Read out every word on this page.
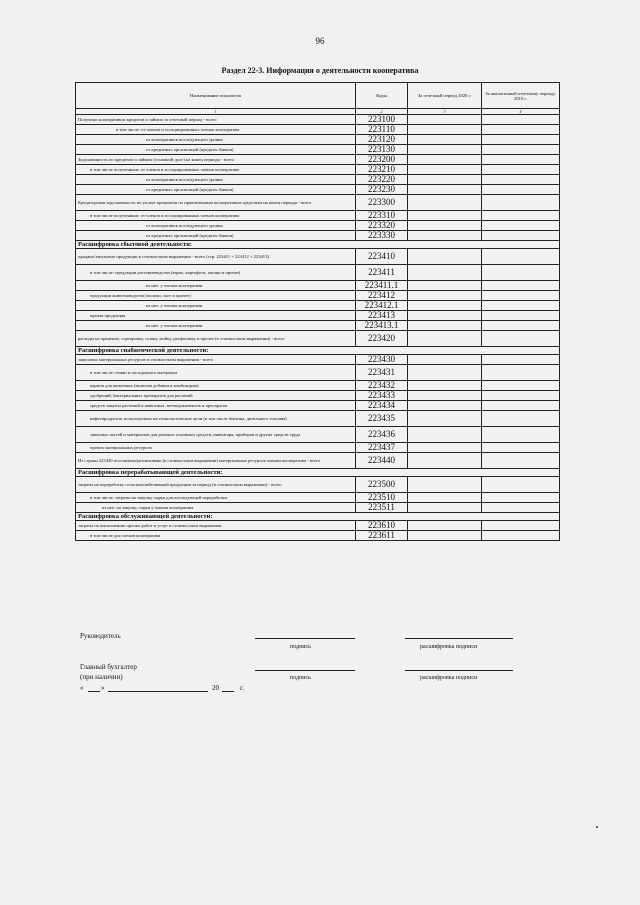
96
Раздел 22-3. Информация о деятельности кооператива
Наименование показателя	Коды	За отчетный период 2020 г.	За аналогичный отчетному периоду 2019 г.
1	2	3	4
Получено кооперативом кредитов и займов за отчетный период - всего	223100		
в том числе: от членов и ассоциированных членов кооператива	223110		
от кооперативов последующего уровня	223120		
от кредитных организаций (кредиты банков)	223130		
Задолженность по кредитам и займам (основной долг) на конец периода - всего	223200		
в том числе полученным: от членов и ассоциированных членов кооператива	223210		
от кооперативов последующего уровня	223220		
от кредитных организаций (кредиты банков)	223230		
Кредиторская задолженность по уплате процентов по привлеченным кооперативом средствам на конец периода - всего	223300		
в том числе полученным: от членов и ассоциированных членов кооператива	223310		
от кооперативов последующего уровня	223320		
от кредитных организаций (кредиты банков)	223330		
Расшифровка сбытовой деятельности:			
продано/закуплено продукции в стоимостном выражении - всего (стр. 223411 + 223412 + 223413)	223410		
в том числе: продукции растениеводства (зерно, картофель, овощи и прочее)	223411		
из нее: у членов кооператива	223411.1		
продукции животноводства (молоко, скот и прочее)	223412		
из нее: у членов кооператива	223412.1		
прочая продукция	223413		
из нее: у членов кооператива	223413.1		
расходы на хранение, сортировку, сушку, мойку, расфасовку и прочее (в стоимостном выражении) - всего	223420		
Расшифровка снабженческой деятельности:			
закуплено материальных ресурсов в стоимостном выражении - всего	223430		
в том числе: семян и посадочного материала	223431		
кормов для животных (включая добавки и комбикорма)	223432		
удобрений, бактериальных препаратов для растений	223433		
средств защиты растений и животных, ветмедикаментов и препаратов	223434		
нефтепродуктов, используемых на технологические цели (в том числе бензина, дизельного топлива)	223435		
запасных частей и материалов для ремонта основных средств, инвентаря, приборов и других средств труда	223436		
прочих материальных ресурсов	223437		
Из строки 223430 поставлено/реализовано (в стоимостном выражении) материальных ресурсов членам кооператива - всего	223440		
Расшифровка перерабатывающей деятельности:			
затраты на переработку сельскохозяйственной продукции за период (в стоимостном выражении) - всего	223500		
в том числе: затраты на закупку сырья для последующей переработки	223510		
из нее: на закупку сырья у членов кооператива	223511		
Расшифровка обслуживающей деятельности:			
затраты по выполнению прочих работ и услуг в стоимостном выражении	223610		
в том числе для членов кооператива	223611		
Руководитель
подпись	расшифровка подписи
Главный бухгалтер
(при наличии)	подпись	расшифровка подписи
«	»	20	г.
